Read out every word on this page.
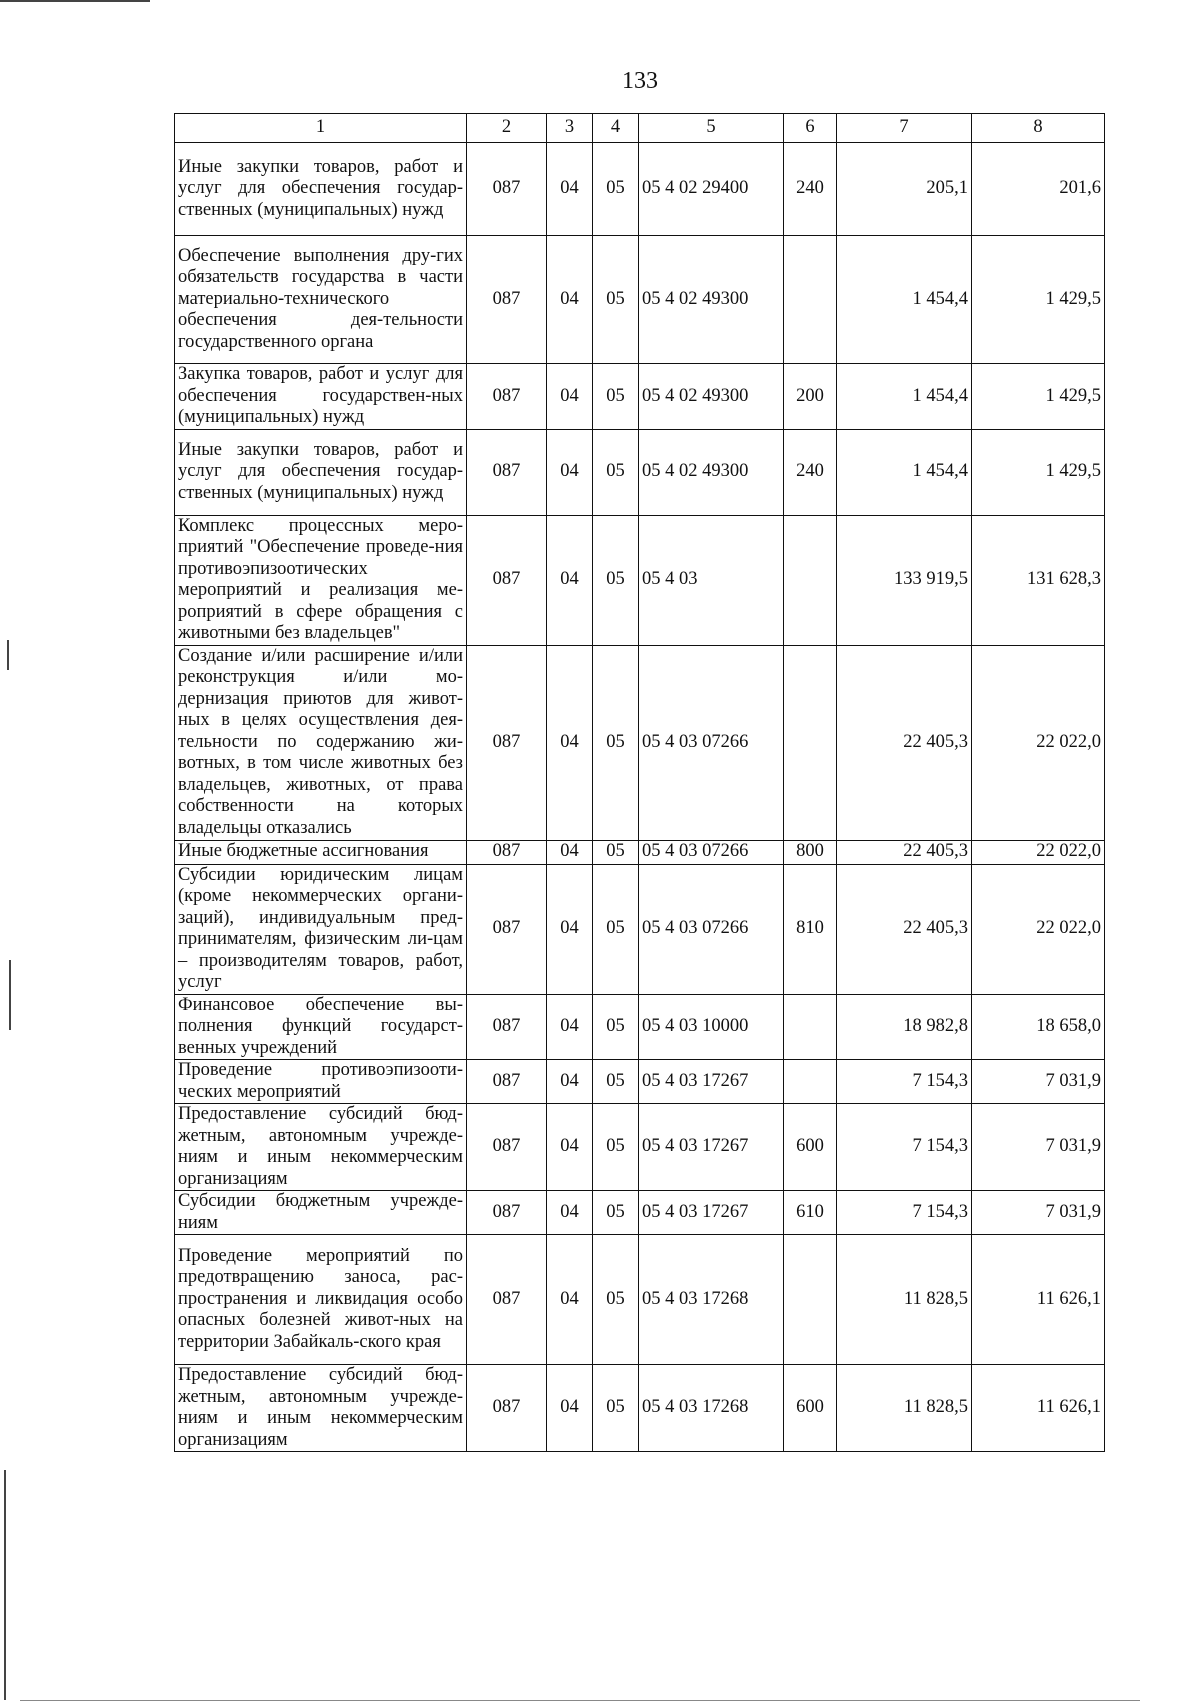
133
1	2	3	4	5	6	7	8
Иные закупки товаров, работ и услуг для обеспечения государ-ственных (муниципальных) нужд	087	04	05	05 4 02 29400	240	205,1	201,6
Обеспечение выполнения дру-гих обязательств государства в части материально-технического обеспечения дея-тельности государственного органа	087	04	05	05 4 02 49300		1 454,4	1 429,5
Закупка товаров, работ и услуг для обеспечения государствен-ных (муниципальных) нужд	087	04	05	05 4 02 49300	200	1 454,4	1 429,5
Иные закупки товаров, работ и услуг для обеспечения государ-ственных (муниципальных) нужд	087	04	05	05 4 02 49300	240	1 454,4	1 429,5
Комплекс процессных меро-приятий "Обеспечение проведе-ния противоэпизоотических мероприятий и реализация ме-роприятий в сфере обращения с животными без владельцев"	087	04	05	05 4 03		133 919,5	131 628,3
Создание и/или расширение и/или реконструкция и/или мо-дернизация приютов для живот-ных в целях осуществления дея-тельности по содержанию жи-вотных, в том числе животных без владельцев, животных, от права собственности на которых владельцы отказались	087	04	05	05 4 03 07266		22 405,3	22 022,0
Иные бюджетные ассигнования	087	04	05	05 4 03 07266	800	22 405,3	22 022,0
Субсидии юридическим лицам (кроме некоммерческих органи-заций), индивидуальным пред-принимателям, физическим ли-цам – производителям товаров, работ, услуг	087	04	05	05 4 03 07266	810	22 405,3	22 022,0
Финансовое обеспечение вы-полнения функций государст-венных учреждений	087	04	05	05 4 03 10000		18 982,8	18 658,0
Проведение противоэпизооти-ческих мероприятий	087	04	05	05 4 03 17267		7 154,3	7 031,9
Предоставление субсидий бюд-жетным, автономным учрежде-ниям и иным некоммерческим организациям	087	04	05	05 4 03 17267	600	7 154,3	7 031,9
Субсидии бюджетным учрежде-ниям	087	04	05	05 4 03 17267	610	7 154,3	7 031,9
Проведение мероприятий по предотвращению заноса, рас-пространения и ликвидация особо опасных болезней живот-ных на территории Забайкаль-ского края	087	04	05	05 4 03 17268		11 828,5	11 626,1
Предоставление субсидий бюд-жетным, автономным учрежде-ниям и иным некоммерческим организациям	087	04	05	05 4 03 17268	600	11 828,5	11 626,1
